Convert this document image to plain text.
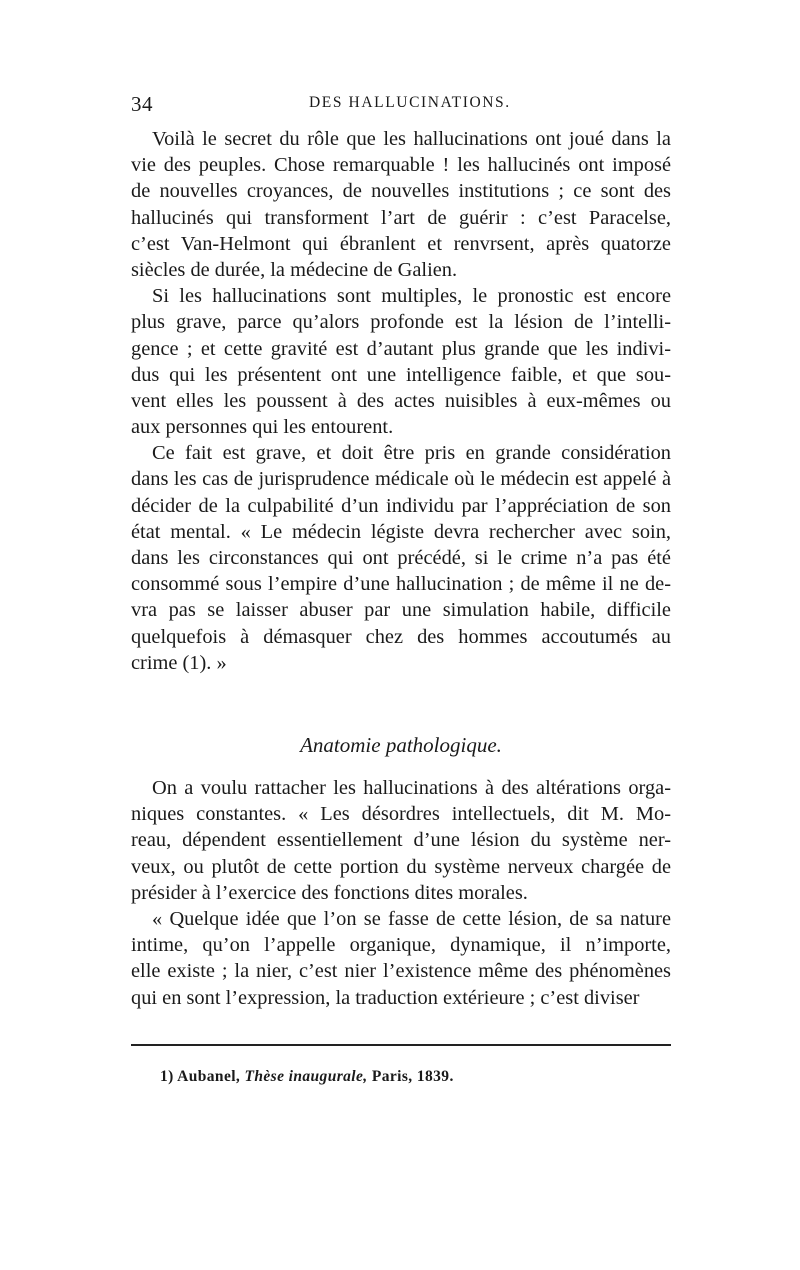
34	DES HALLUCINATIONS.
Voilà le secret du rôle que les hallucinations ont joué dans la
vie des peuples. Chose remarquable ! les hallucinés ont imposé
de nouvelles croyances, de nouvelles institutions ; ce sont des
hallucinés qui transforment l’art de guérir : c’est Paracelse,
c’est Van-Helmont qui ébranlent et renvrsent, après quatorze
siècles de durée, la médecine de Galien.
Si les hallucinations sont multiples, le pronostic est encore
plus grave, parce qu’alors profonde est la lésion de l’intelli-
gence ; et cette gravité est d’autant plus grande que les indivi-
dus qui les présentent ont une intelligence faible, et que sou-
vent elles les poussent à des actes nuisibles à eux-mêmes ou
aux personnes qui les entourent.
Ce fait est grave, et doit être pris en grande considération
dans les cas de jurisprudence médicale où le médecin est appelé à
décider de la culpabilité d’un individu par l’appréciation de son
état mental. « Le médecin légiste devra rechercher avec soin,
dans les circonstances qui ont précédé, si le crime n’a pas été
consommé sous l’empire d’une hallucination ; de même il ne de-
vra pas se laisser abuser par une simulation habile, difficile
quelquefois à démasquer chez des hommes accoutumés au
crime (1). »
Anatomie pathologique.
On a voulu rattacher les hallucinations à des altérations orga-
niques constantes. « Les désordres intellectuels, dit M. Mo-
reau, dépendent essentiellement d’une lésion du système ner-
veux, ou plutôt de cette portion du système nerveux chargée de
présider à l’exercice des fonctions dites morales.
« Quelque idée que l’on se fasse de cette lésion, de sa nature
intime, qu’on l’appelle organique, dynamique, il n’importe,
elle existe ; la nier, c’est nier l’existence même des phénomènes
qui en sont l’expression, la traduction extérieure ; c’est diviser
1) Aubanel, Thèse inaugurale, Paris, 1839.
